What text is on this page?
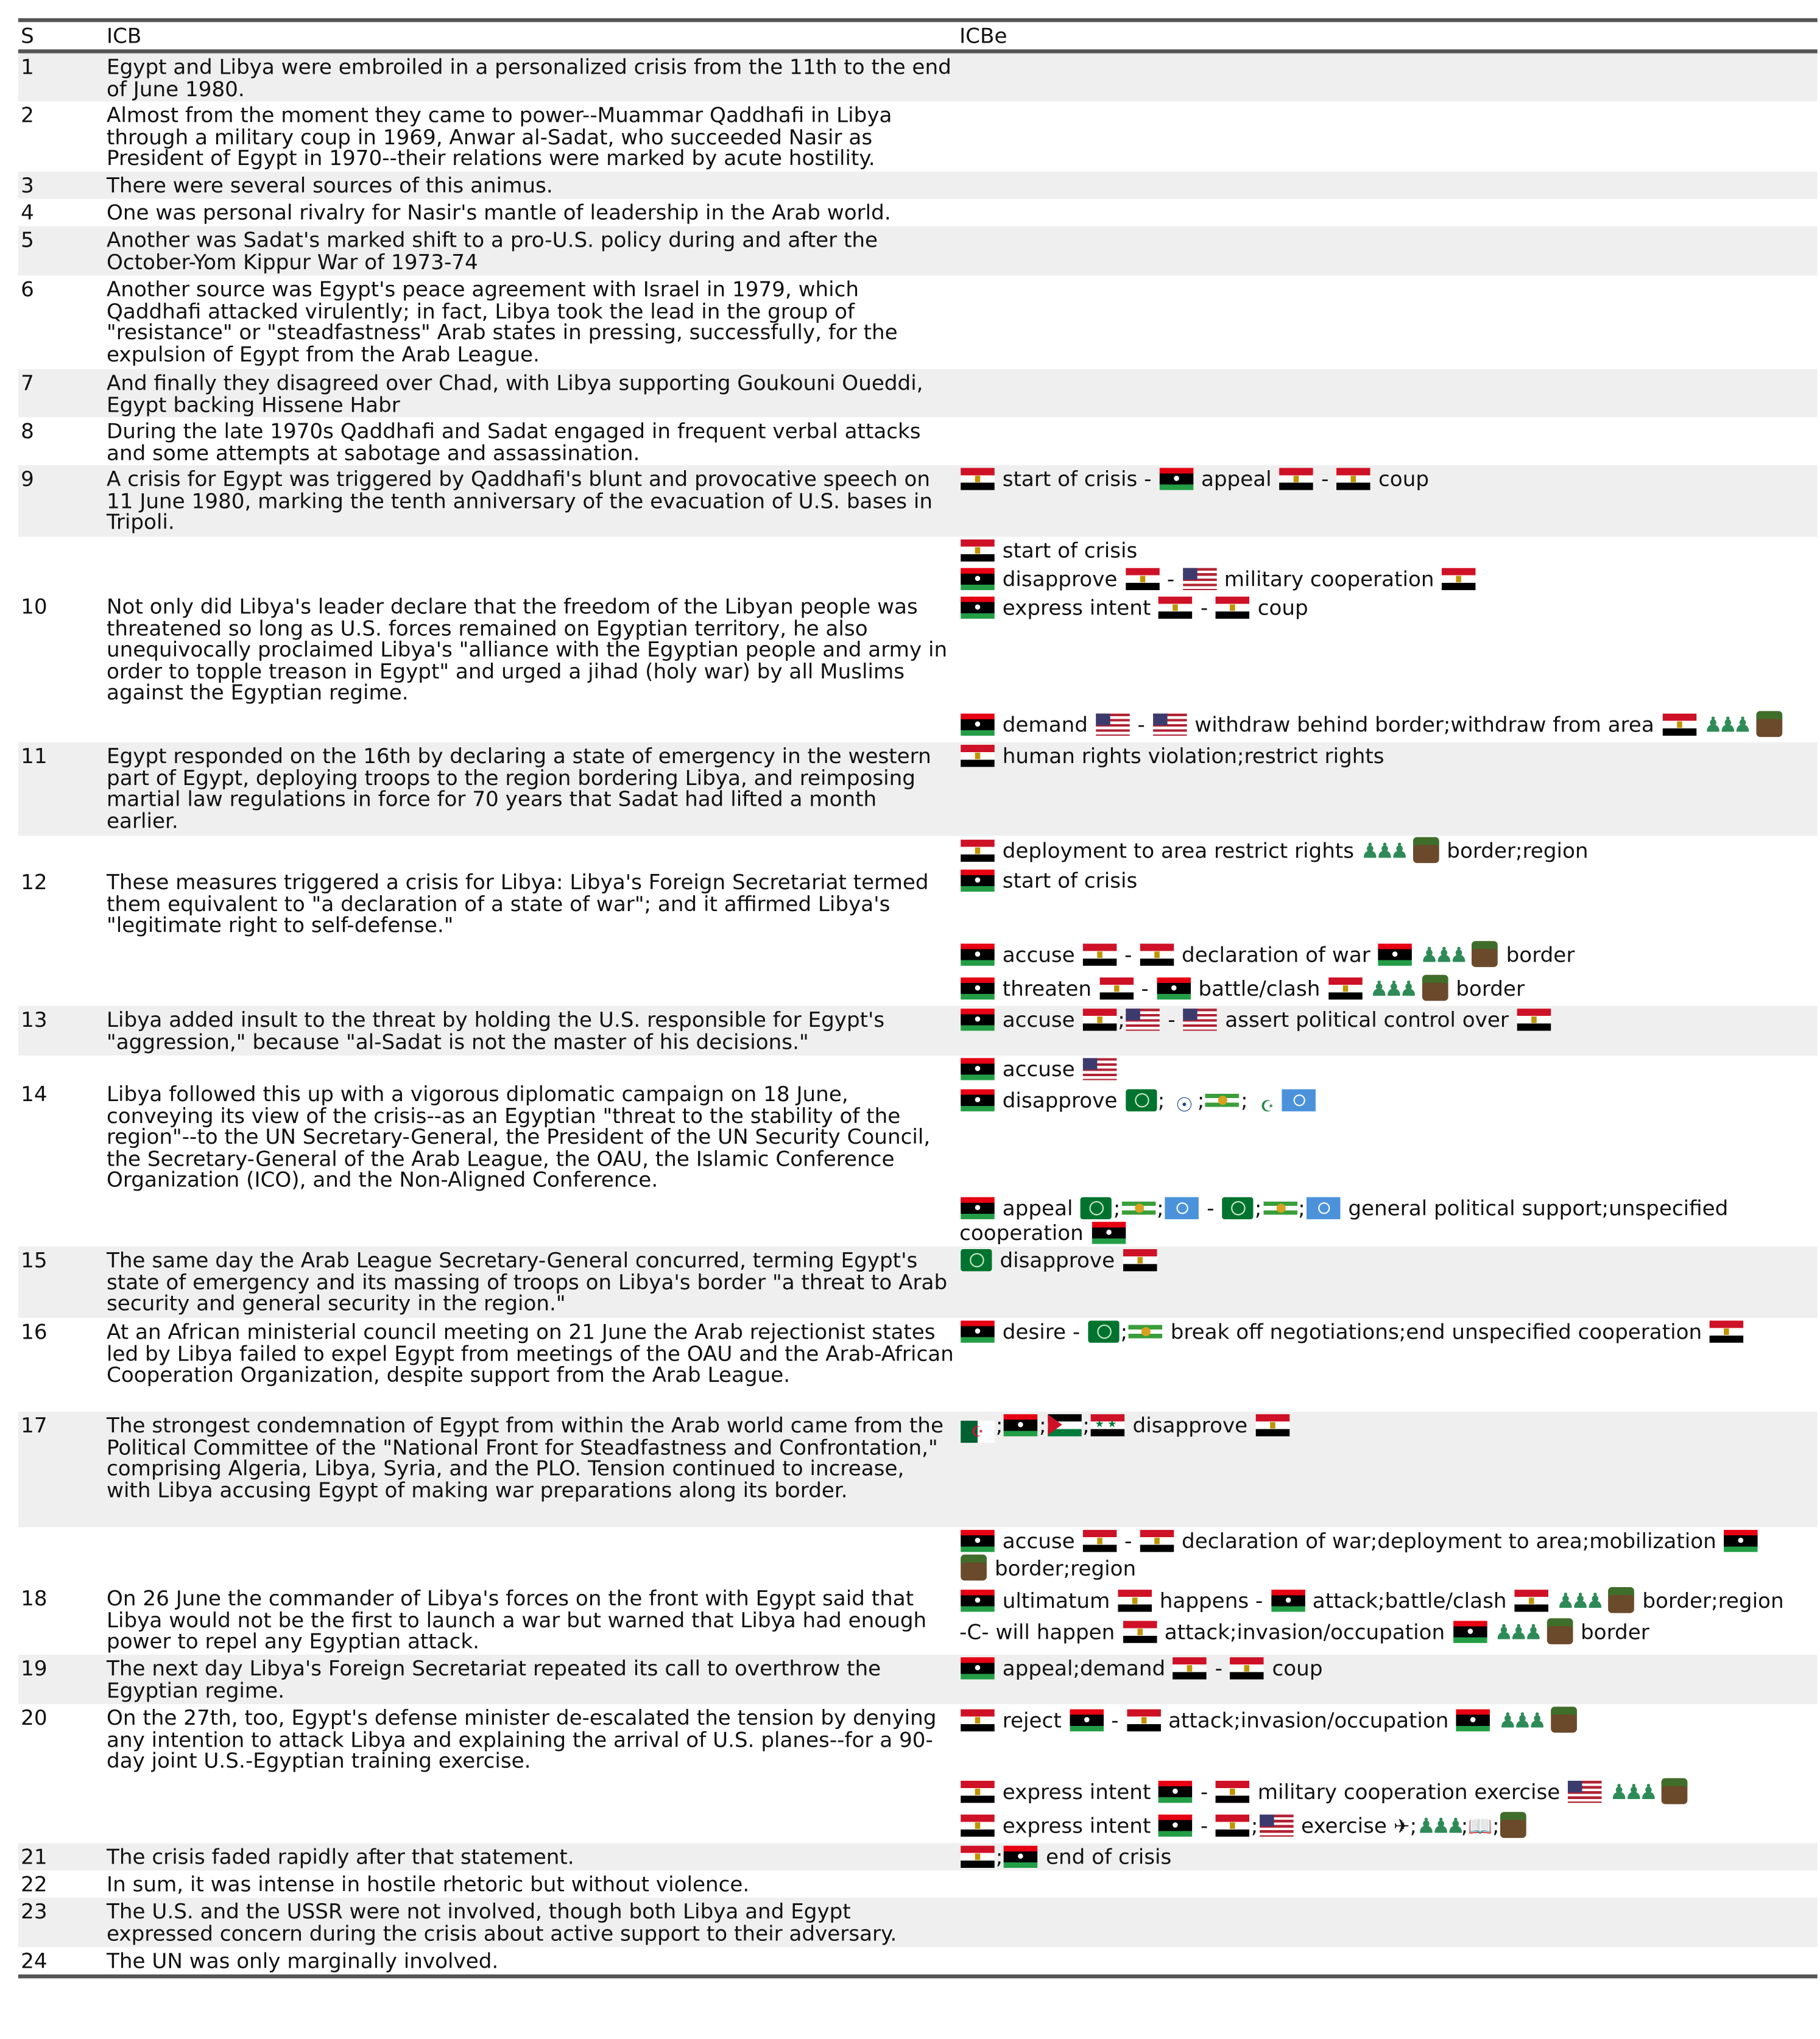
S	ICB	ICBe
1	Egypt and Libya were embroiled in a personalized crisis from the 11th to the end of June 1980.
2	Almost from the moment they came to power--Muammar Qaddhafi in Libya through a military coup in 1969, Anwar al-Sadat, who succeeded Nasir as President of Egypt in 1970--their relations were marked by acute hostility.
3	There were several sources of this animus.
4	One was personal rivalry for Nasir's mantle of leadership in the Arab world.
5	Another was Sadat's marked shift to a pro-U.S. policy during and after the October-Yom Kippur War of 1973-74
6	Another source was Egypt's peace agreement with Israel in 1979, which Qaddhafi attacked virulently; in fact, Libya took the lead in the group of "resistance" or "steadfastness" Arab states in pressing, successfully, for the expulsion of Egypt from the Arab League.
7	And finally they disagreed over Chad, with Libya supporting Goukouni Oueddi, Egypt backing Hissene Habr
8	During the late 1970s Qaddhafi and Sadat engaged in frequent verbal attacks and some attempts at sabotage and assassination.
9	A crisis for Egypt was triggered by Qaddhafi's blunt and provocative speech on 11 June 1980, marking the tenth anniversary of the evacuation of U.S. bases in Tripoli.
start of crisis -	appeal	-	coup
10	Not only did Libya's leader declare that the freedom of the Libyan people was threatened so long as U.S. forces remained on Egyptian territory, he also unequivocally proclaimed Libya's "alliance with the Egyptian people and army in order to topple treason in Egypt" and urged a jihad (holy war) by all Muslims against the Egyptian regime.
start of crisis
disapprove	-	military cooperation
express intent	-	coup
demand	-	withdraw behind border;withdraw from area	♟♟♟
11	Egypt responded on the 16th by declaring a state of emergency in the western part of Egypt, deploying troops to the region bordering Libya, and reimposing martial law regulations in force for 70 years that Sadat had lifted a month earlier.
human rights violation;restrict rights
12	These measures triggered a crisis for Libya: Libya's Foreign Secretariat termed them equivalent to "a declaration of a state of war"; and it affirmed Libya's "legitimate right to self-defense."
deployment to area restrict rights ♟♟♟	border;region
start of crisis
accuse	-	declaration of war	♟♟♟	border
threaten	-	battle/clash	♟♟♟	border
13	Libya added insult to the threat by holding the U.S. responsible for Egypt's "aggression," because "al-Sadat is not the master of his decisions."
accuse	;	-	assert political control over
14	Libya followed this up with a vigorous diplomatic campaign on 18 June, conveying its view of the crisis--as an Egyptian "threat to the stability of the region"--to the UN Secretary-General, the President of the UN Security Council, the Secretary-General of the Arab League, the OAU, the Islamic Conference Organization (ICO), and the Non-Aligned Conference.
accuse
disapprove	; ☉ ;	; ☪
appeal	;	;	-	;	;	general political support;unspecified
cooperation
15	The same day the Arab League Secretary-General concurred, terming Egypt's state of emergency and its massing of troops on Libya's border "a threat to Arab security and general security in the region."
disapprove
16	At an African ministerial council meeting on 21 June the Arab rejectionist states led by Libya failed to expel Egypt from meetings of the OAU and the Arab-African Cooperation Organization, despite support from the Arab League.
desire -	;	break off negotiations;end unspecified cooperation
17	The strongest condemnation of Egypt from within the Arab world came from the Political Committee of the "National Front for Steadfastness and Confrontation," comprising Algeria, Libya, Syria, and the PLO. Tension continued to increase, with Libya accusing Egypt of making war preparations along its border.
☪ ;	;	;★ ★	disapprove
18	On 26 June the commander of Libya's forces on the front with Egypt said that Libya would not be the first to launch a war but warned that Libya had enough power to repel any Egyptian attack.
accuse	-	declaration of war;deployment to area;mobilization
border;region
ultimatum	happens -	attack;battle/clash	♟♟♟	border;region
-C- will happen	attack;invasion/occupation	♟♟♟	border
19	The next day Libya's Foreign Secretariat repeated its call to overthrow the Egyptian regime.
appeal;demand	-	coup
20	On the 27th, too, Egypt's defense minister de-escalated the tension by denying any intention to attack Libya and explaining the arrival of U.S. planes--for a 90-day joint U.S.-Egyptian training exercise.
reject	-	attack;invasion/occupation	♟♟♟
express intent	-	military cooperation exercise	♟♟♟
express intent	-	;	exercise ✈;♟♟♟;📖;
21	The crisis faded rapidly after that statement.	;	end of crisis
22	In sum, it was intense in hostile rhetoric but without violence.
23	The U.S. and the USSR were not involved, though both Libya and Egypt expressed concern during the crisis about active support to their adversary.
24	The UN was only marginally involved.
